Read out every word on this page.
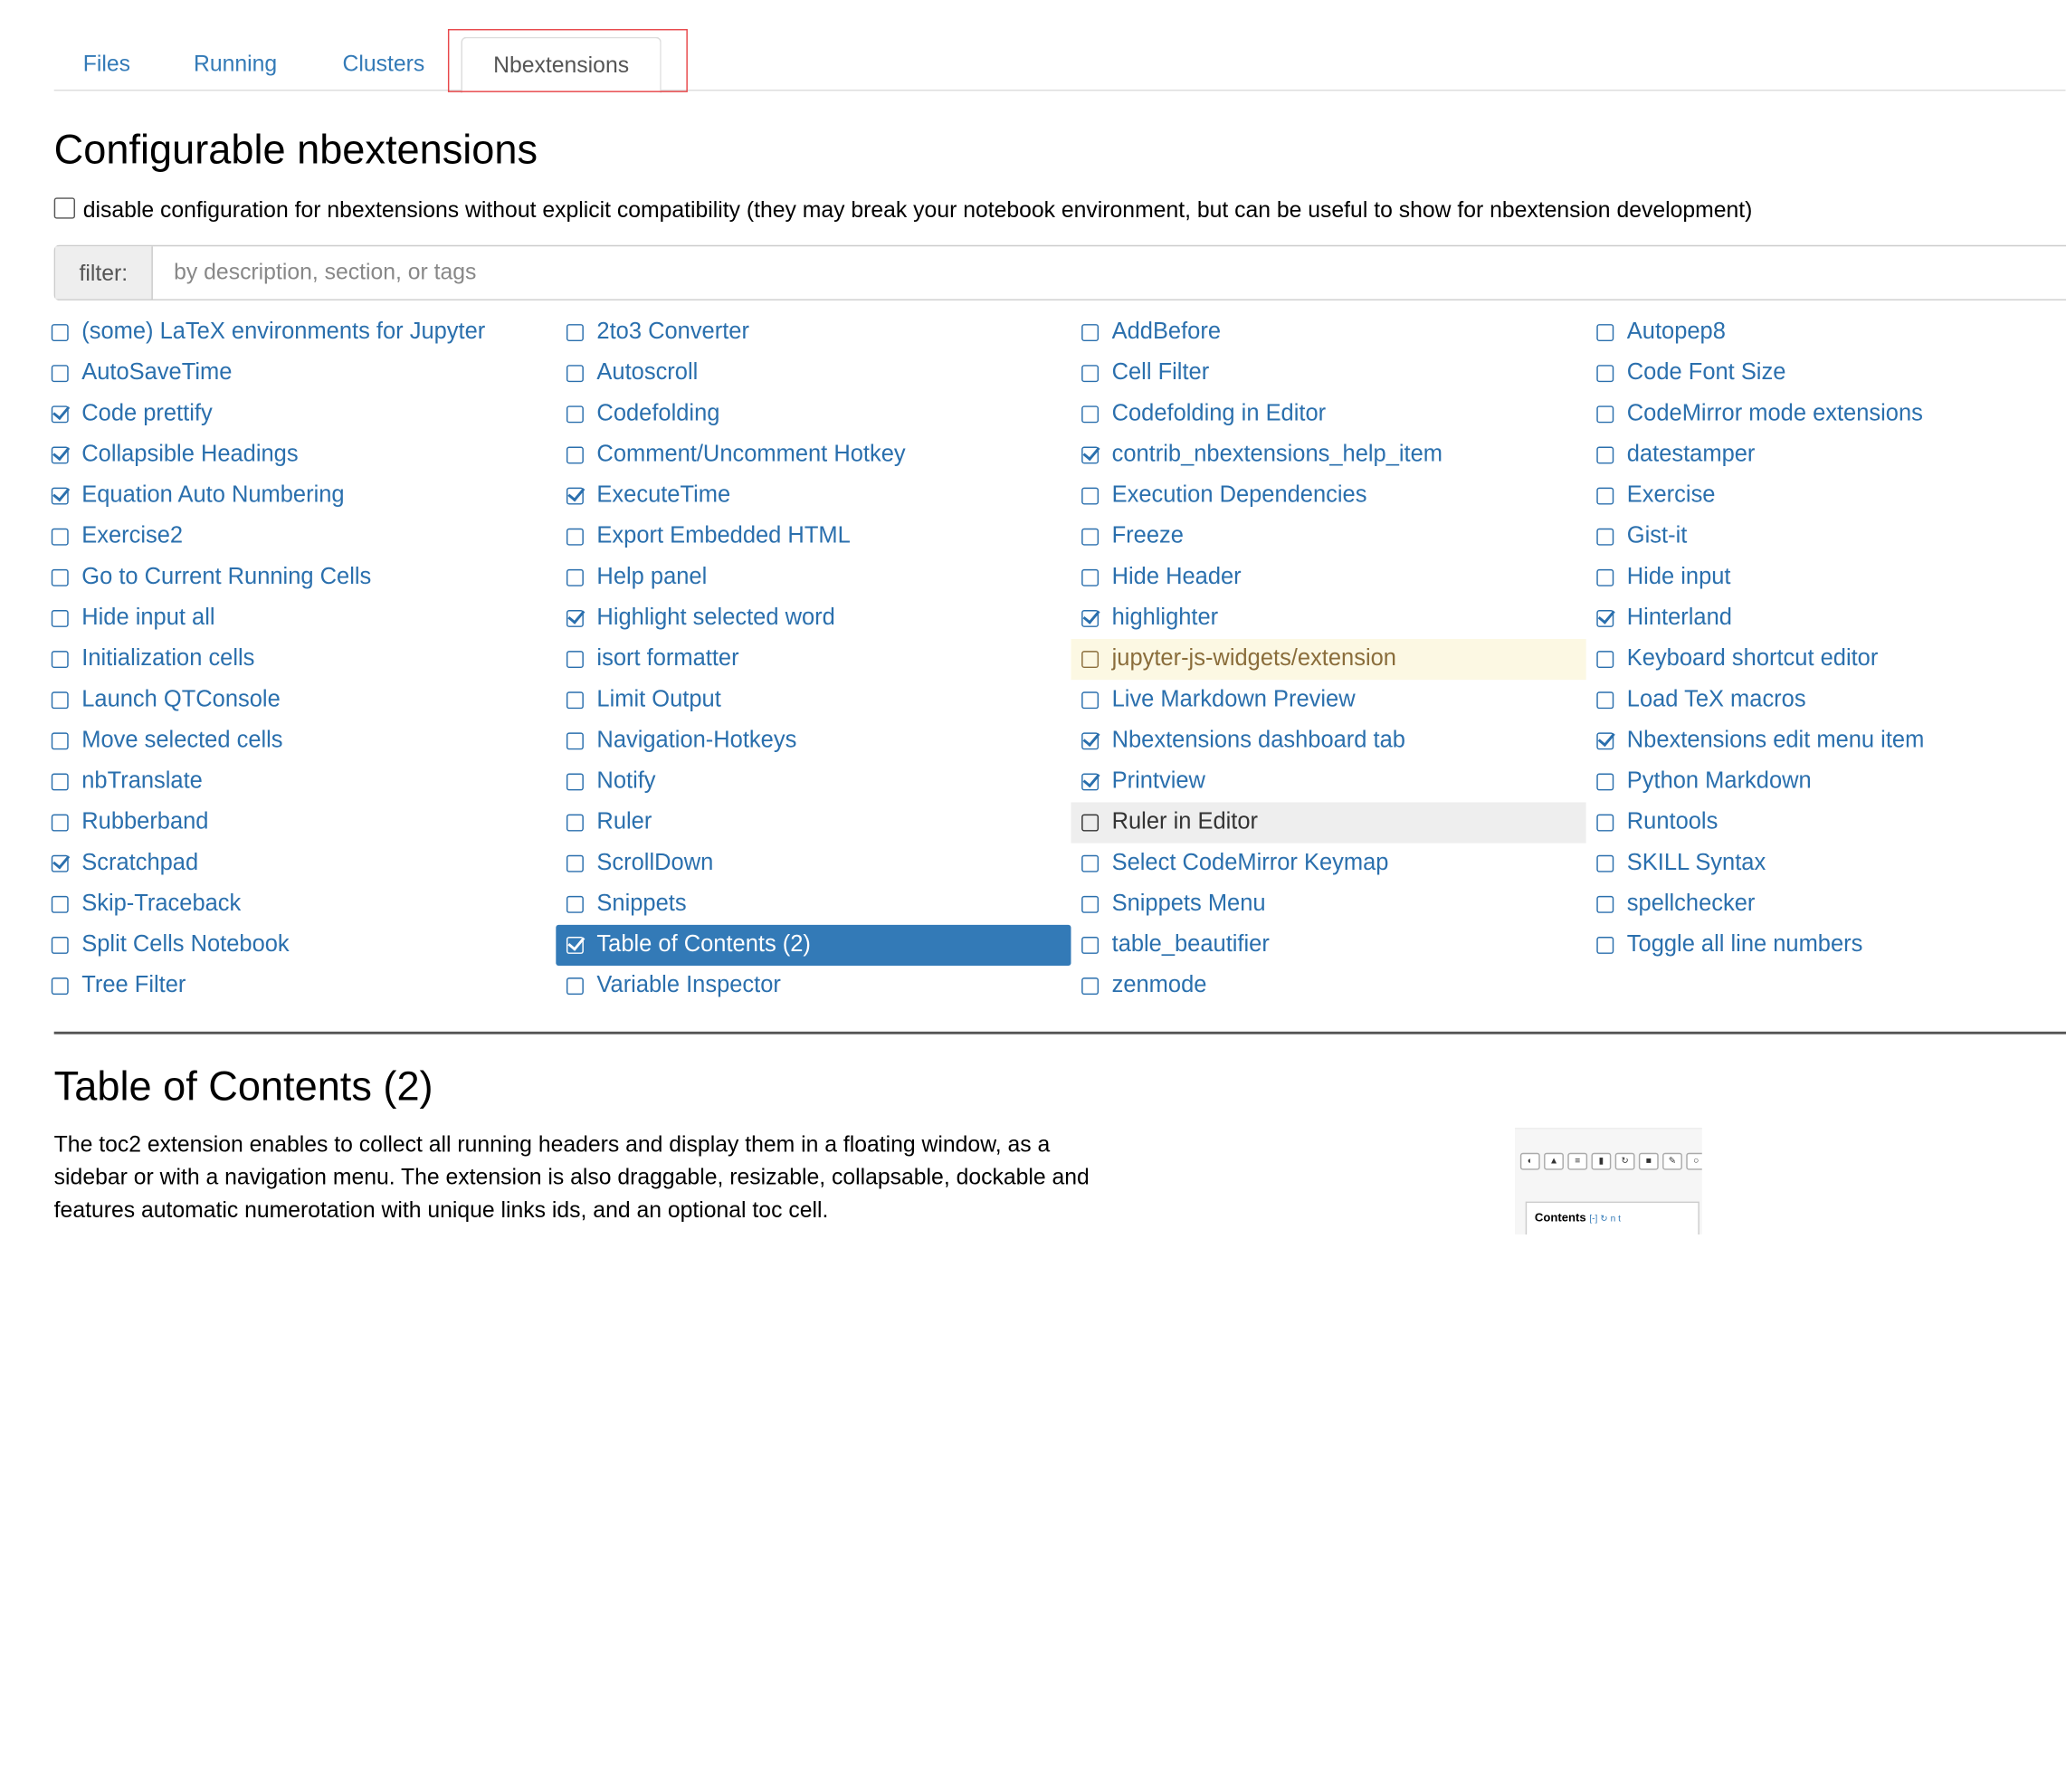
Files	Running	Clusters	Nbextensions
Configurable nbextensions
disable configuration for nbextensions without explicit compatibility (they may break your notebook environment, but can be useful to show for nbextension development)
filter:
by description, section, or tags
(some) LaTeX environments for Jupyter
AutoSaveTime
Code prettify
Collapsible Headings
Equation Auto Numbering
Exercise2
Go to Current Running Cells
Hide input all
Initialization cells
Launch QTConsole
Move selected cells
nbTranslate
Rubberband
Scratchpad
Skip-Traceback
Split Cells Notebook
Tree Filter
2to3 Converter
Autoscroll
Codefolding
Comment/Uncomment Hotkey
ExecuteTime
Export Embedded HTML
Help panel
Highlight selected word
isort formatter
Limit Output
Navigation-Hotkeys
Notify
Ruler
ScrollDown
Snippets
Table of Contents (2)
Variable Inspector
AddBefore
Cell Filter
Codefolding in Editor
contrib_nbextensions_help_item
Execution Dependencies
Freeze
Hide Header
highlighter
jupyter-js-widgets/extension
Live Markdown Preview
Nbextensions dashboard tab
Printview
Ruler in Editor
Select CodeMirror Keymap
Snippets Menu
table_beautifier
zenmode
Autopep8
Code Font Size
CodeMirror mode extensions
datestamper
Exercise
Gist-it
Hide input
Hinterland
Keyboard shortcut editor
Load TeX macros
Nbextensions edit menu item
Python Markdown
Runtools
SKILL Syntax
spellchecker
Toggle all line numbers
Table of Contents (2)
The toc2 extension enables to collect all running headers and display them in a floating window, as a sidebar or with a navigation menu. The extension is also draggable, resizable, collapsable, dockable and features automatic numerotation with unique links ids, and an optional toc cell.
◐	▲	≡	▮	↻	■	✎	○
Contents [-] ↻ n t
